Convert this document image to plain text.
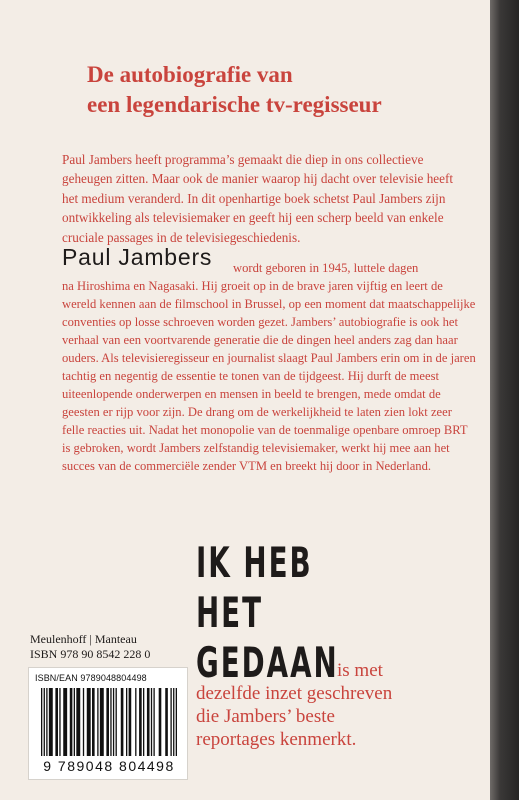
De autobiografie van
een legendarische tv-regisseur

Paul Jambers heeft programma’s gemaakt die diep in ons collectieve geheugen zitten. Maar ook de manier waarop hij dacht over televisie heeft het medium veranderd. In dit openhartige boek schetst Paul Jambers zijn ontwikkeling als televisiemaker en geeft hij een scherp beeld van enkele cruciale passages in de televisiegeschiedenis.

Paul Jambers wordt geboren in 1945, luttele dagen

na Hiroshima en Nagasaki. Hij groeit op in de brave jaren vijftig en leert de wereld kennen aan de filmschool in Brussel, op een moment dat maatschappelijke conventies op losse schroeven worden gezet. Jambers’ autobiografie is ook het verhaal van een voortvarende generatie die de dingen heel anders zag dan haar ouders. Als televisieregisseur en journalist slaagt Paul Jambers erin om in de jaren tachtig en negentig de essentie te tonen van de tijdgeest. Hij durft de meest uiteenlopende onderwerpen en mensen in beeld te brengen, mede omdat de geesten er rijp voor zijn. De drang om de werkelijkheid te laten zien lokt zeer felle reacties uit. Nadat het monopolie van de toenmalige openbare omroep BRT is gebroken, wordt Jambers zelfstandig televisiemaker, werkt hij mee aan het succes van de commerciële zender VTM en breekt hij door in Nederland.

IK HEB
HET
GEDAAN
is met

dezelfde inzet geschreven
die Jambers’ beste
reportages kenmerkt.

Meulenhoff | Manteau
ISBN 978 90 8542 228 0
ISBN/EAN 9789048804498
9 789048 804498
